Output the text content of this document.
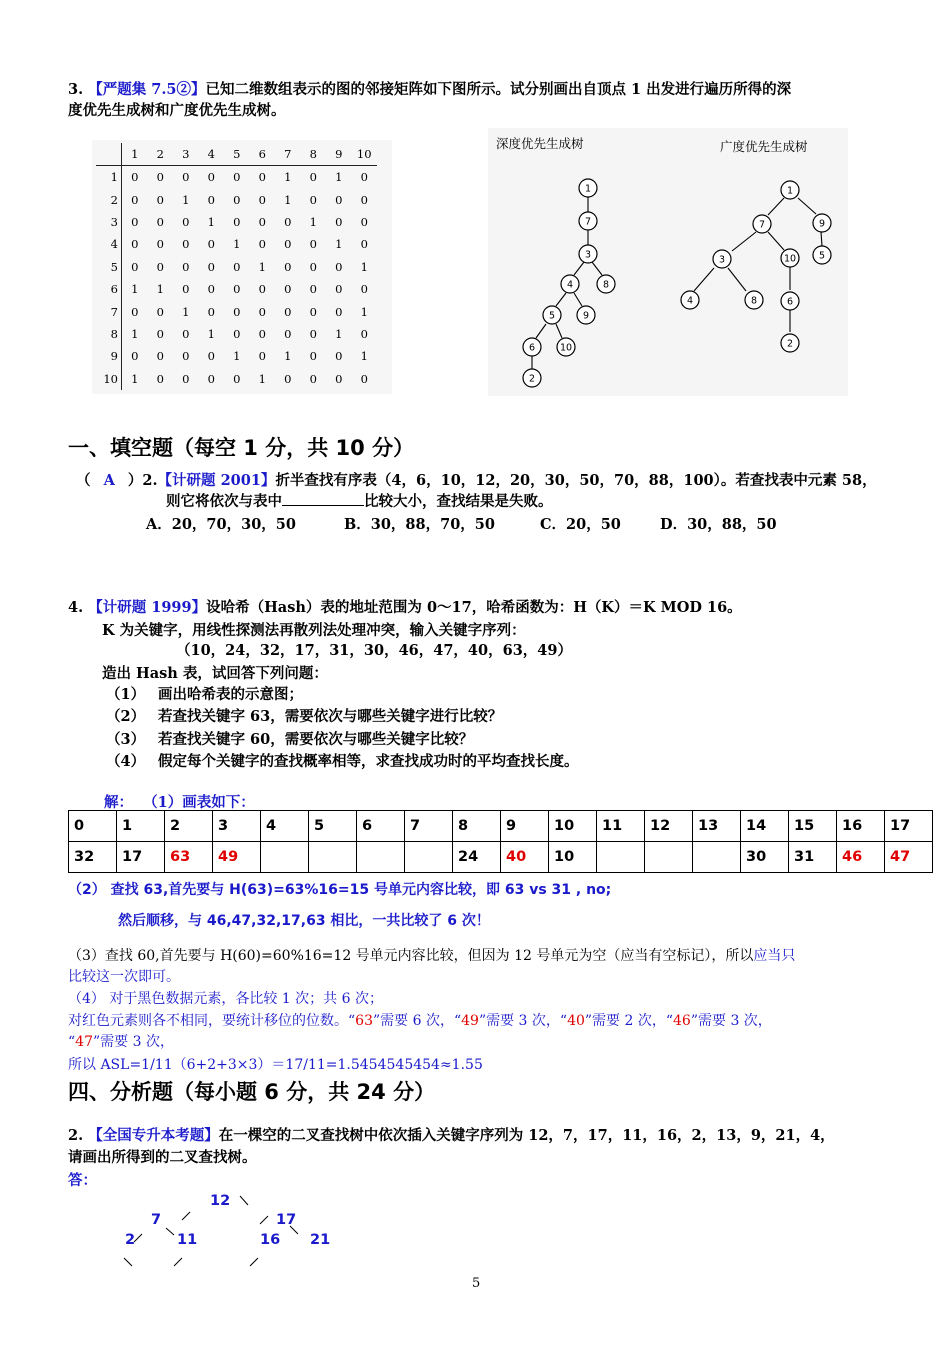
3. 【严题集 7.5②】已知二维数组表示的图的邻接矩阵如下图所示。试分别画出自顶点 1 出发进行遍历所得的深
度优先生成树和广度优先生成树。
	1	2	3	4	5	6	7	8	9	10
1	0	0	0	0	0	0	1	0	1	0
2	0	0	1	0	0	0	1	0	0	0
3	0	0	0	1	0	0	0	1	0	0
4	0	0	0	0	1	0	0	0	1	0
5	0	0	0	0	0	1	0	0	0	1
6	1	1	0	0	0	0	0	0	0	0
7	0	0	1	0	0	0	0	0	0	1
8	1	0	0	1	0	0	0	0	1	0
9	0	0	0	0	1	0	1	0	0	1
10	1	0	0	0	0	1	0	0	0	0
深度优先生成树	广度优先生成树
1
7
3
4	8
5	9
6	10
2
1
7	9
3	10 5
4	8	6
2
一、填空题（每空 1 分，共 10 分）
（ A ）2.【计研题 2001】折半查找有序表（4，6，10，12，20，30，50，70，88，100）。若查找表中元素 58，
则它将依次与表中	比较大小，查找结果是失败。
A．20，70，30，50	B．30，88，70，50	C．20，50	D．30，88，50
4. 【计研题 1999】设哈希（Hash）表的地址范围为 0～17，哈希函数为：H（K）＝K MOD 16。
K 为关键字，用线性探测法再散列法处理冲突，输入关键字序列：
（10，24，32，17，31，30，46，47，40，63，49）
造出 Hash 表，试回答下列问题：
（1） 画出哈希表的示意图；
（2） 若查找关键字 63，需要依次与哪些关键字进行比较？
（3） 若查找关键字 60，需要依次与哪些关键字比较？
（4） 假定每个关键字的查找概率相等，求查找成功时的平均查找长度。
解： （1）画表如下：
0	1	2	3	4	5	6	7	8	9	10	11	12	13	14	15	16	17
32	17	63	49					24	40	10				30	31	46	47
（2） 查找 63,首先要与 H(63)=63%16=15 号单元内容比较，即 63 vs 31 , no;
然后顺移，与 46,47,32,17,63 相比，一共比较了 6 次！
（3）查找 60,首先要与 H(60)=60%16=12 号单元内容比较，但因为 12 号单元为空（应当有空标记），所以应当只
比较这一次即可。
（4） 对于黑色数据元素，各比较 1 次；共 6 次；
对红色元素则各不相同，要统计移位的位数。“63”需要 6 次，“49”需要 3 次，“40”需要 2 次，“46”需要 3 次，
“47”需要 3 次，
所以 ASL=1/11（6+2+3×3）＝17/11=1.5454545454≈1.55
四、分析题（每小题 6 分，共 24 分）
2. 【全国专升本考题】在一棵空的二叉查找树中依次插入关键字序列为 12，7，17，11，16，2，13，9，21，4，
请画出所得到的二叉查找树。
答：
12
7	17
2	11	16 21
5
